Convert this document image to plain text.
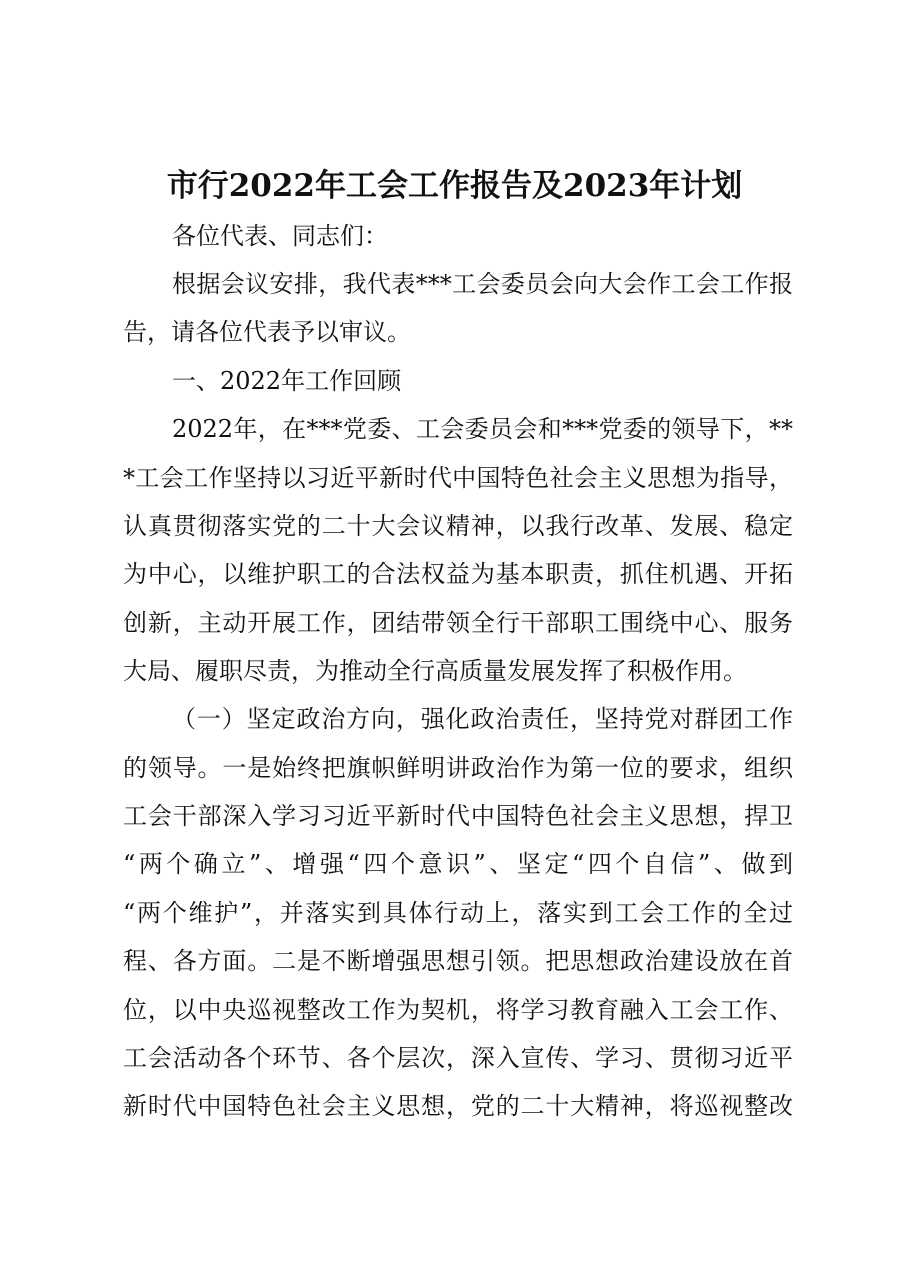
市行2022年工会工作报告及2023年计划
各位代表、同志们：
根据会议安排，我代表***工会委员会向大会作工会工作报
告，请各位代表予以审议。
一、2022年工作回顾
2022年，在***党委、工会委员会和***党委的领导下，**
*工会工作坚持以习近平新时代中国特色社会主义思想为指导，
认真贯彻落实党的二十大会议精神，以我行改革、发展、稳定
为中心，以维护职工的合法权益为基本职责，抓住机遇、开拓
创新，主动开展工作，团结带领全行干部职工围绕中心、服务
大局、履职尽责，为推动全行高质量发展发挥了积极作用。
（一）坚定政治方向，强化政治责任，坚持党对群团工作
的领导。一是始终把旗帜鲜明讲政治作为第一位的要求，组织
工会干部深入学习习近平新时代中国特色社会主义思想，捍卫
“两个确立”、增强“四个意识”、坚定“四个自信”、做到
“两个维护”，并落实到具体行动上，落实到工会工作的全过
程、各方面。二是不断增强思想引领。把思想政治建设放在首
位，以中央巡视整改工作为契机，将学习教育融入工会工作、
工会活动各个环节、各个层次，深入宣传、学习、贯彻习近平
新时代中国特色社会主义思想，党的二十大精神，将巡视整改
